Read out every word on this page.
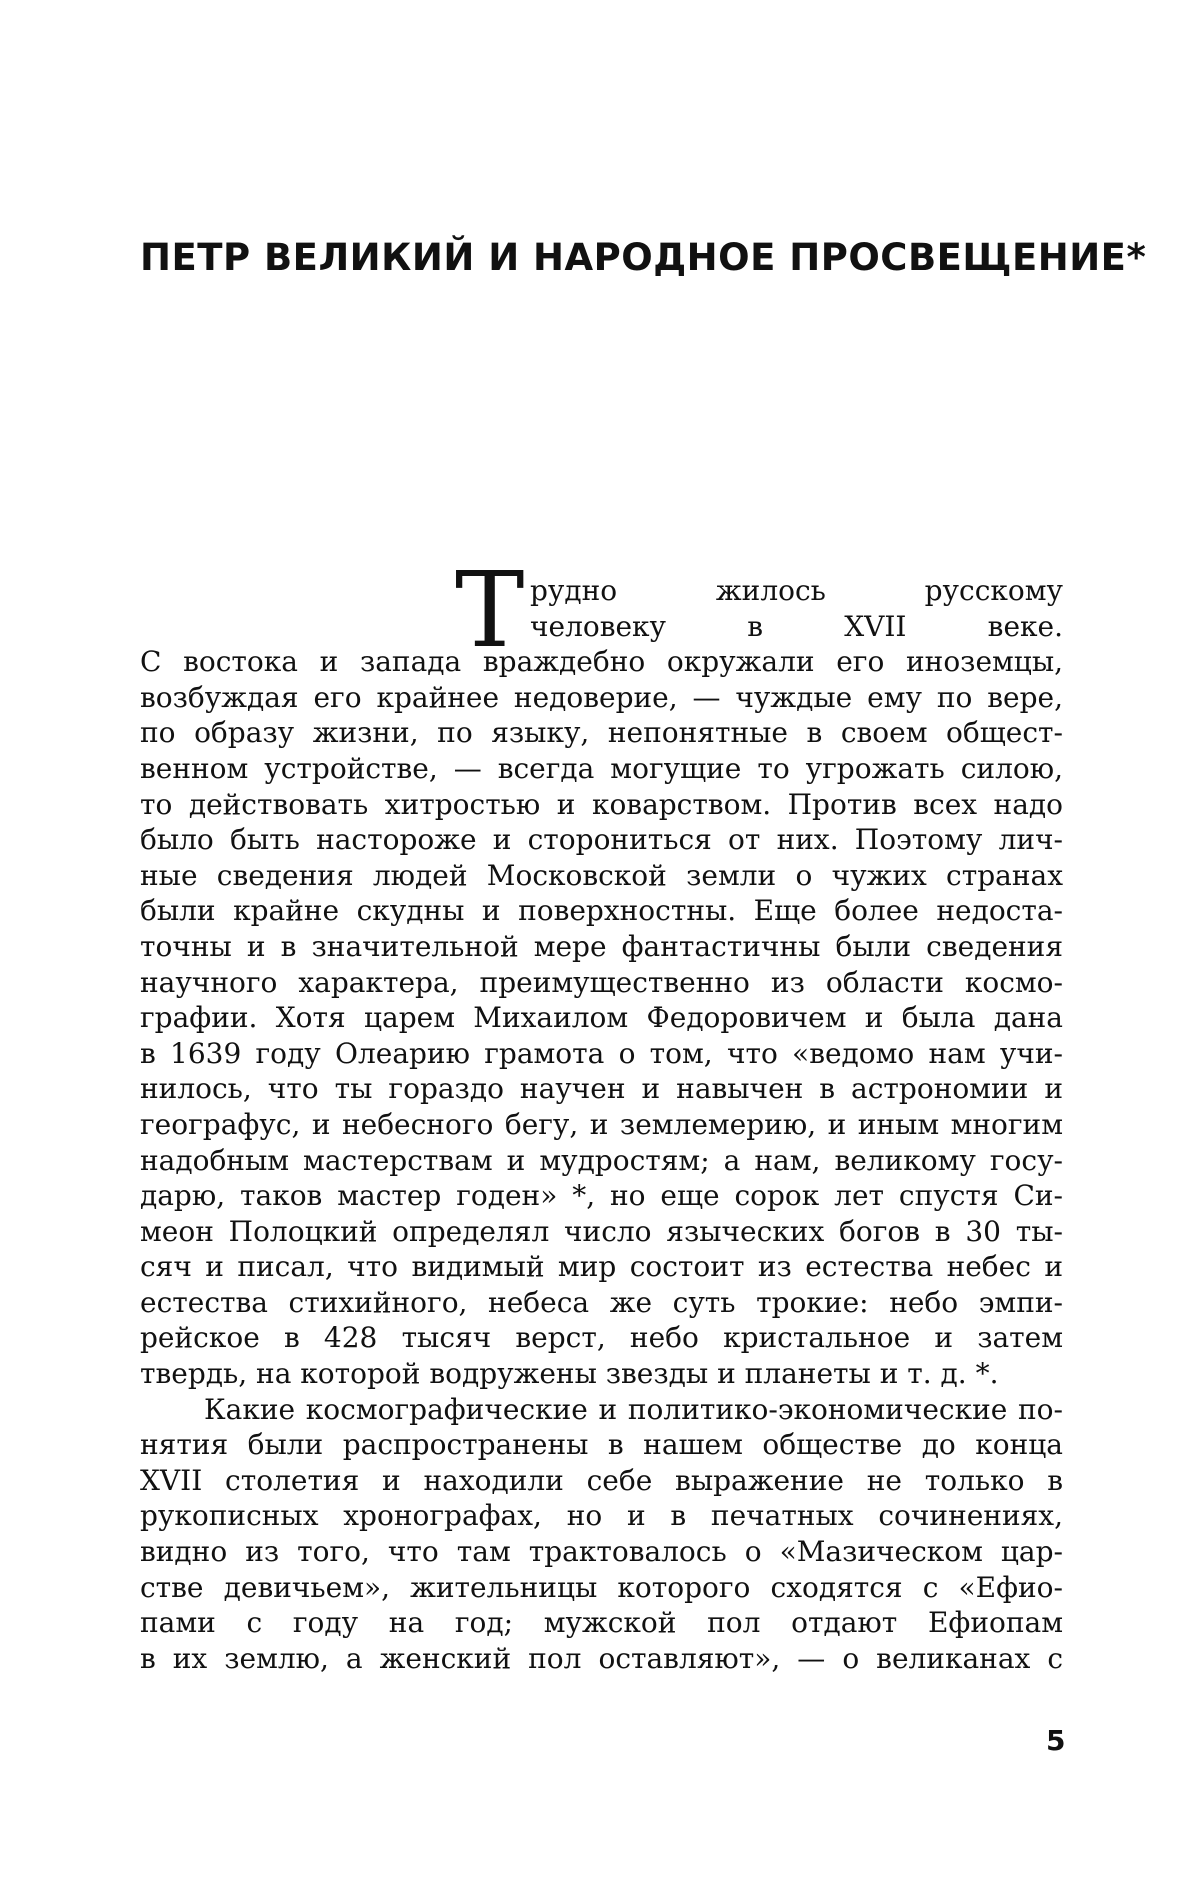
ПЕТР ВЕЛИКИЙ И НАРОДНОЕ ПРОСВЕЩЕНИЕ*
Т рудно жилось русскому
человеку в XVII веке.
С востока и запада враждебно окружали его иноземцы,
возбуждая его крайнее недоверие, — чуждые ему по вере,
по образу жизни, по языку, непонятные в своем общест-
венном устройстве, — всегда могущие то угрожать силою,
то действовать хитростью и коварством. Против всех надо
было быть настороже и сторониться от них. Поэтому лич-
ные сведения людей Московской земли о чужих странах
были крайне скудны и поверхностны. Еще более недоста-
точны и в значительной мере фантастичны были сведения
научного характера, преимущественно из области космо-
графии. Хотя царем Михаилом Федоровичем и была дана
в 1639 году Олеарию грамота о том, что «ведомо нам учи-
нилось, что ты гораздо научен и навычен в астрономии и
географус, и небесного бегу, и землемерию, и иным многим
надобным мастерствам и мудростям; а нам, великому госу-
дарю, таков мастер годен» *, но еще сорок лет спустя Си-
меон Полоцкий определял число языческих богов в 30 ты-
сяч и писал, что видимый мир состоит из естества небес и
естества стихийного, небеса же суть трокие: небо эмпи-
рейское в 428 тысяч верст, небо кристальное и затем
твердь, на которой водружены звезды и планеты и т. д. *.
Какие космографические и политико-экономические по-
нятия были распространены в нашем обществе до конца
XVII столетия и находили себе выражение не только в
рукописных хронографах, но и в печатных сочинениях,
видно из того, что там трактовалось о «Мазическом цар-
стве девичьем», жительницы которого сходятся с «Ефио-
пами с году на год; мужской пол отдают Ефиопам
в их землю, а женский пол оставляют», — о великанах с
5
